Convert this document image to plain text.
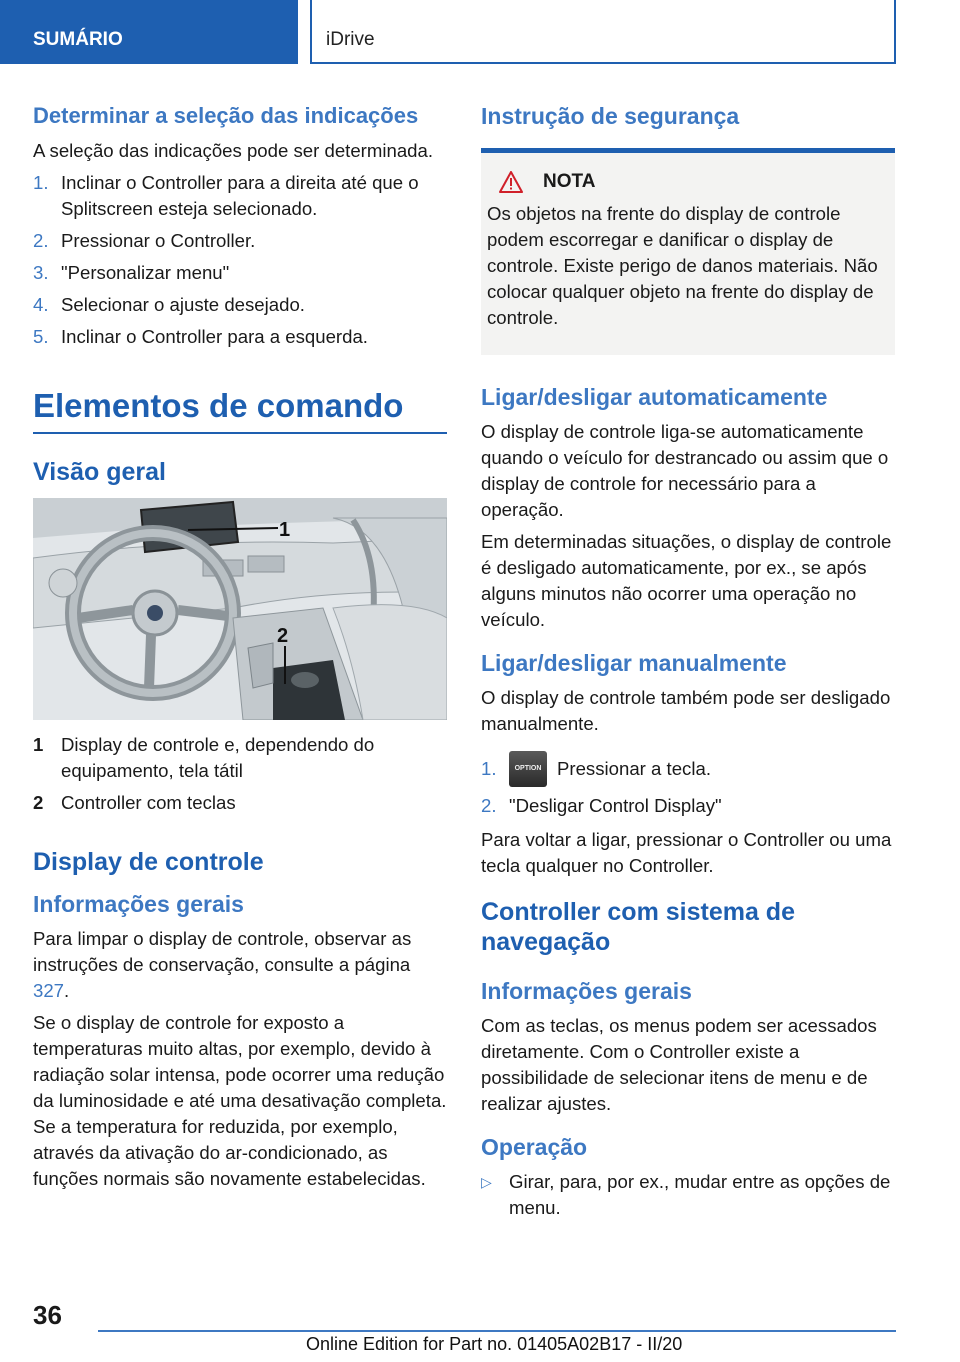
SUMÁRIO	iDrive
Determinar a seleção das indicações
A seleção das indicações pode ser determinada.
1. Inclinar o Controller para a direita até que o Splitscreen esteja selecionado.
2. Pressionar o Controller.
3. "Personalizar menu"
4. Selecionar o ajuste desejado.
5. Inclinar o Controller para a esquerda.
Elementos de comando
Visão geral
1
2
1 Display de controle e, dependendo do equipamento, tela tátil
2 Controller com teclas
Display de controle
Informações gerais
Para limpar o display de controle, observar as instruções de conservação, consulte a página 327.
Se o display de controle for exposto a temperaturas muito altas, por exemplo, devido à radiação solar intensa, pode ocorrer uma redução da luminosidade e até uma desativação completa. Se a temperatura for reduzida, por exemplo, através da ativação do ar-condicionado, as funções normais são novamente estabelecidas.
Instrução de segurança
NOTA
Os objetos na frente do display de controle podem escorregar e danificar o display de controle. Existe perigo de danos materiais. Não colocar qualquer objeto na frente do display de controle.
Ligar/desligar automaticamente
O display de controle liga-se automaticamente quando o veículo for destrancado ou assim que o display de controle for necessário para a operação.
Em determinadas situações, o display de controle é desligado automaticamente, por ex., se após alguns minutos não ocorrer uma operação no veículo.
Ligar/desligar manualmente
O display de controle também pode ser desligado manualmente.
1.	OPTION Pressionar a tecla.
2. "Desligar Control Display"
Para voltar a ligar, pressionar o Controller ou uma tecla qualquer no Controller.
Controller com sistema de navegação
Informações gerais
Com as teclas, os menus podem ser acessados diretamente. Com o Controller existe a possibilidade de selecionar itens de menu e de realizar ajustes.
Operação
▷ Girar, para, por ex., mudar entre as opções de menu.
36
Online Edition for Part no. 01405A02B17 - II/20
